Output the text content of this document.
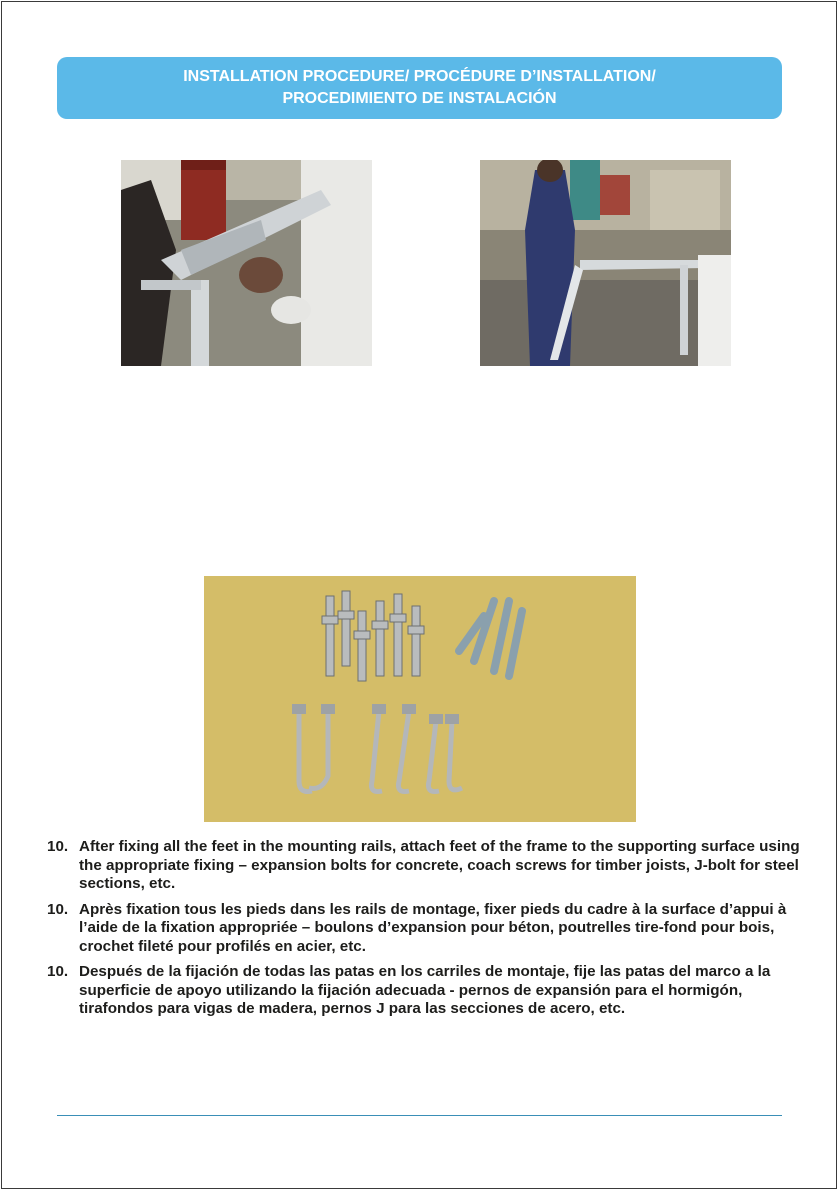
INSTALLATION PROCEDURE/ PROCÉDURE D’INSTALLATION/
PROCEDIMIENTO DE INSTALACIÓN
10. After fixing all the feet in the mounting rails, attach feet of the frame to the supporting surface using the appropriate fixing – expansion bolts for concrete, coach screws for timber joists, J-bolt for steel sections, etc.
10. Après fixation tous les pieds dans les rails de montage, fixer pieds du cadre à la surface d’appui à l’aide de la fixation appropriée – boulons d’expansion pour béton, poutrelles tire-fond pour bois, crochet fileté pour profilés en acier, etc.
10. Después de la fijación de todas las patas en los carriles de montaje, fije las patas del marco a la superficie de apoyo utilizando la fijación adecuada - pernos de expansión para el hormigón, tirafondos para vigas de madera, pernos J para las secciones de acero, etc.
